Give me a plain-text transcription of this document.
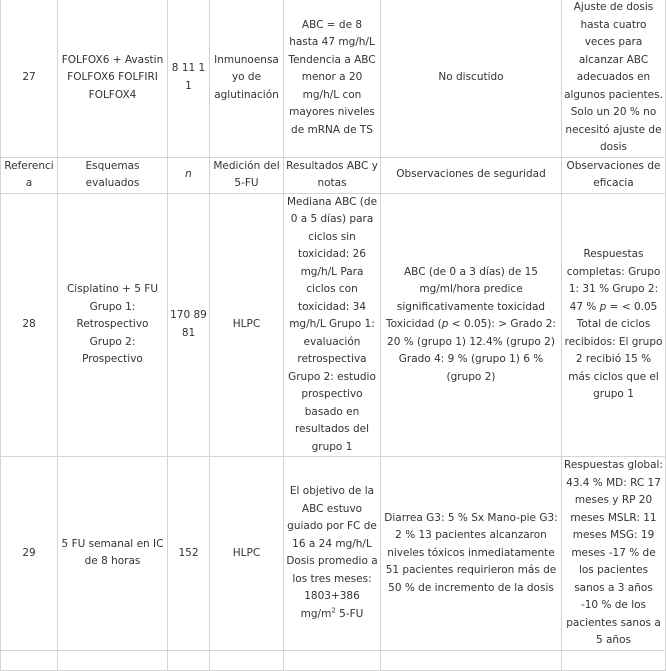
27	FOLFOX6 + Avastin FOLFOX6 FOLFIRI FOLFOX4	8 11 1 1	Inmunoensayo de aglutinación	ABC = de 8 hasta 47 mg/h/L Tendencia a ABC menor a 20 mg/h/L con mayores niveles de mRNA de TS	No discutido	Ajuste de dosis hasta cuatro veces para alcanzar ABC adecuados en algunos pacientes. Solo un 20 % no necesitó ajuste de dosis
Referencia	Esquemas evaluados	n	Medición del 5-FU	Resultados ABC y notas	Observaciones de seguridad	Observaciones de eficacia
28	Cisplatino + 5 FU Grupo 1: Retrospectivo Grupo 2: Prospectivo	170 89 81	HLPC	Mediana ABC (de 0 a 5 días) para ciclos sin toxicidad: 26 mg/h/L Para ciclos con toxicidad: 34 mg/h/L Grupo 1: evaluación retrospectiva Grupo 2: estudio prospectivo basado en resultados del grupo 1	ABC (de 0 a 3 días) de 15 mg/ml/hora predice significativamente toxicidad Toxicidad (p < 0.05): > Grado 2: 20 % (grupo 1) 12.4% (grupo 2) Grado 4: 9 % (grupo 1) 6 % (grupo 2)	Respuestas completas: Grupo 1: 31 % Grupo 2: 47 % p = < 0.05 Total de ciclos recibidos: El grupo 2 recibió 15 % más ciclos que el grupo 1
29	5 FU semanal en IC de 8 horas	152	HLPC	El objetivo de la ABC estuvo guiado por FC de 16 a 24 mg/h/L Dosis promedio a los tres meses: 1803+386 $mg/m^2$ 5-FU	Diarrea G3: 5 % Sx Mano-pie G3: 2 % 13 pacientes alcanzaron niveles tóxicos inmediatamente 51 pacientes requirieron más de 50 % de incremento de la dosis	Respuestas global: 43.4 % MD: RC 17 meses y RP 20 meses MSLR: 11 meses MSG: 19 meses -17 % de los pacientes sanos a 3 años -10 % de los pacientes sanos a 5 años
